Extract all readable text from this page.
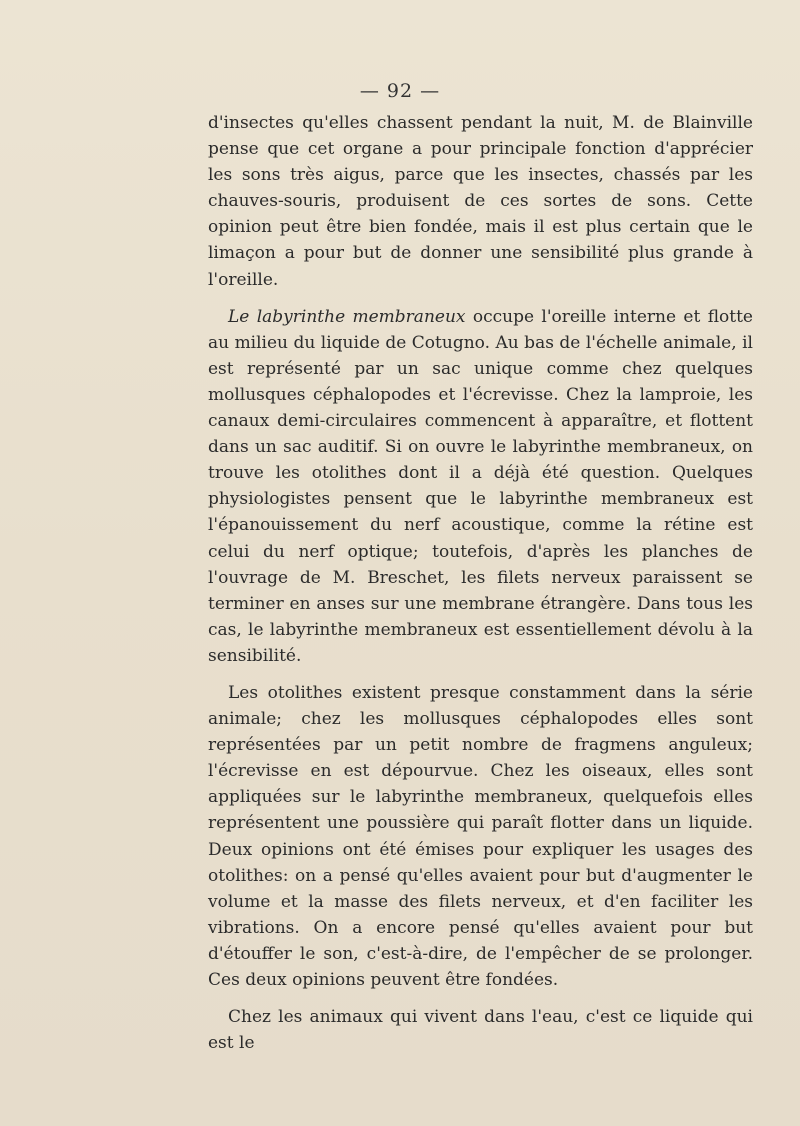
— 92 —

d'insectes qu'elles chassent pendant la nuit, M. de Blainville pense que cet organe a pour principale fonction d'apprécier les sons très aigus, parce que les insectes, chassés par les chauves-souris, produisent de ces sortes de sons. Cette opinion peut être bien fondée, mais il est plus certain que le limaçon a pour but de donner une sensibilité plus grande à l'oreille.

Le labyrinthe membraneux occupe l'oreille interne et flotte au milieu du liquide de Cotugno. Au bas de l'échelle animale, il est représenté par un sac unique comme chez quelques mollusques céphalopodes et l'écrevisse. Chez la lamproie, les canaux demi-circulaires commencent à apparaître, et flottent dans un sac auditif. Si on ouvre le labyrinthe membraneux, on trouve les otolithes dont il a déjà été question. Quelques physiologistes pensent que le labyrinthe membraneux est l'épanouissement du nerf acoustique, comme la rétine est celui du nerf optique; toutefois, d'après les planches de l'ouvrage de M. Breschet, les filets nerveux paraissent se terminer en anses sur une membrane étrangère. Dans tous les cas, le labyrinthe membraneux est essentiellement dévolu à la sensibilité.

Les otolithes existent presque constamment dans la série animale; chez les mollusques céphalopodes elles sont représentées par un petit nombre de fragmens anguleux; l'écrevisse en est dépourvue. Chez les oiseaux, elles sont appliquées sur le labyrinthe membraneux, quelquefois elles représentent une poussière qui paraît flotter dans un liquide. Deux opinions ont été émises pour expliquer les usages des otolithes: on a pensé qu'elles avaient pour but d'augmenter le volume et la masse des filets nerveux, et d'en faciliter les vibrations. On a encore pensé qu'elles avaient pour but d'étouffer le son, c'est-à-dire, de l'empêcher de se prolonger. Ces deux opinions peuvent être fondées.

Chez les animaux qui vivent dans l'eau, c'est ce liquide qui est le
